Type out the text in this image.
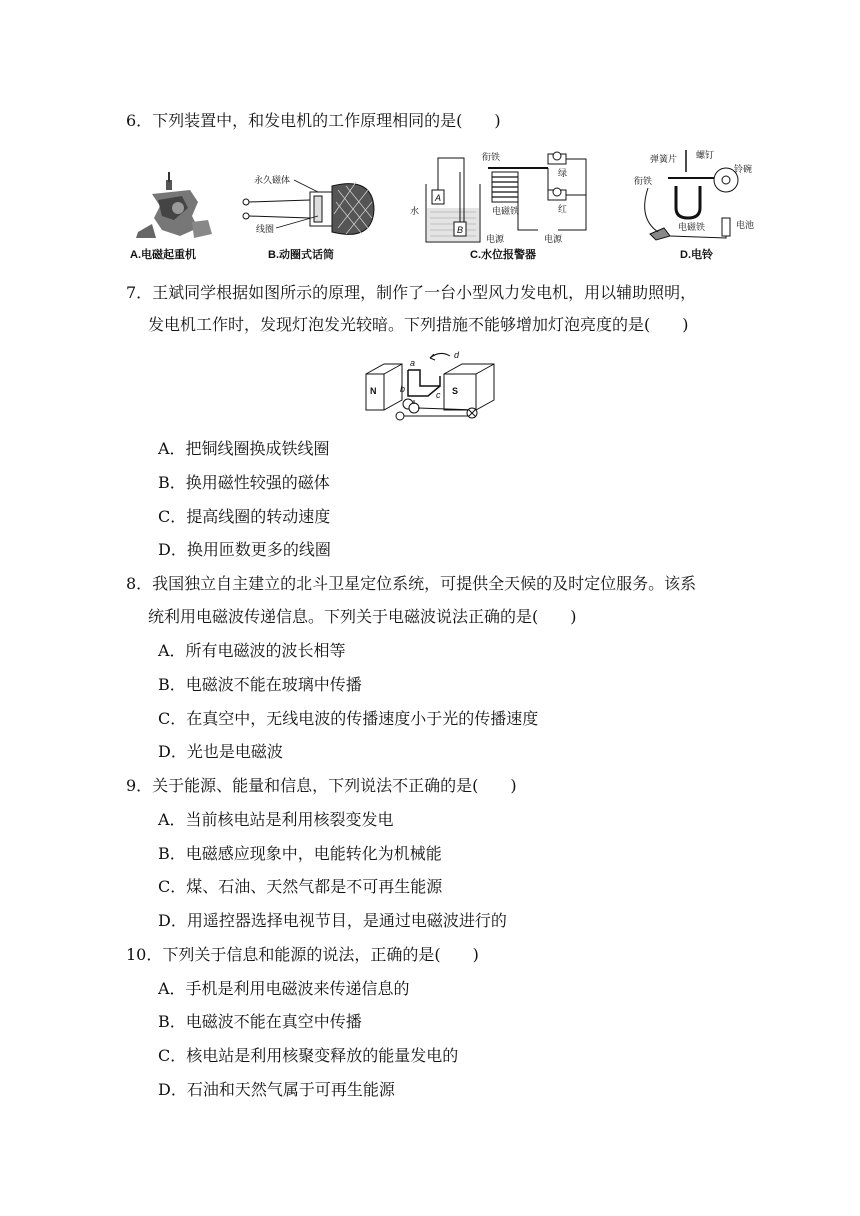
6．下列装置中，和发电机的工作原理相同的是(　　)
A.电磁起重机
永久磁体
线圈
B.动圈式话筒
水
A
B
衔铁
电磁铁
绿
红
电源	电源
C.水位报警器
弹簧片 螺钉
衔铁
铃碗
电磁铁	电池
D.电铃
7．王斌同学根据如图所示的原理，制作了一台小型风力发电机，用以辅助照明，
发电机工作时，发现灯泡发光较暗。下列措施不能够增加灯泡亮度的是(　　)
N	S
a
b
c
d
A．把铜线圈换成铁线圈
B．换用磁性较强的磁体
C．提高线圈的转动速度
D．换用匝数更多的线圈
8．我国独立自主建立的北斗卫星定位系统，可提供全天候的及时定位服务。该系
统利用电磁波传递信息。下列关于电磁波说法正确的是(　　)
A．所有电磁波的波长相等
B．电磁波不能在玻璃中传播
C．在真空中，无线电波的传播速度小于光的传播速度
D．光也是电磁波
9．关于能源、能量和信息，下列说法不正确的是(　　)
A．当前核电站是利用核裂变发电
B．电磁感应现象中，电能转化为机械能
C．煤、石油、天然气都是不可再生能源
D．用遥控器选择电视节目，是通过电磁波进行的
10．下列关于信息和能源的说法，正确的是(　　)
A．手机是利用电磁波来传递信息的
B．电磁波不能在真空中传播
C．核电站是利用核聚变释放的能量发电的
D．石油和天然气属于可再生能源
